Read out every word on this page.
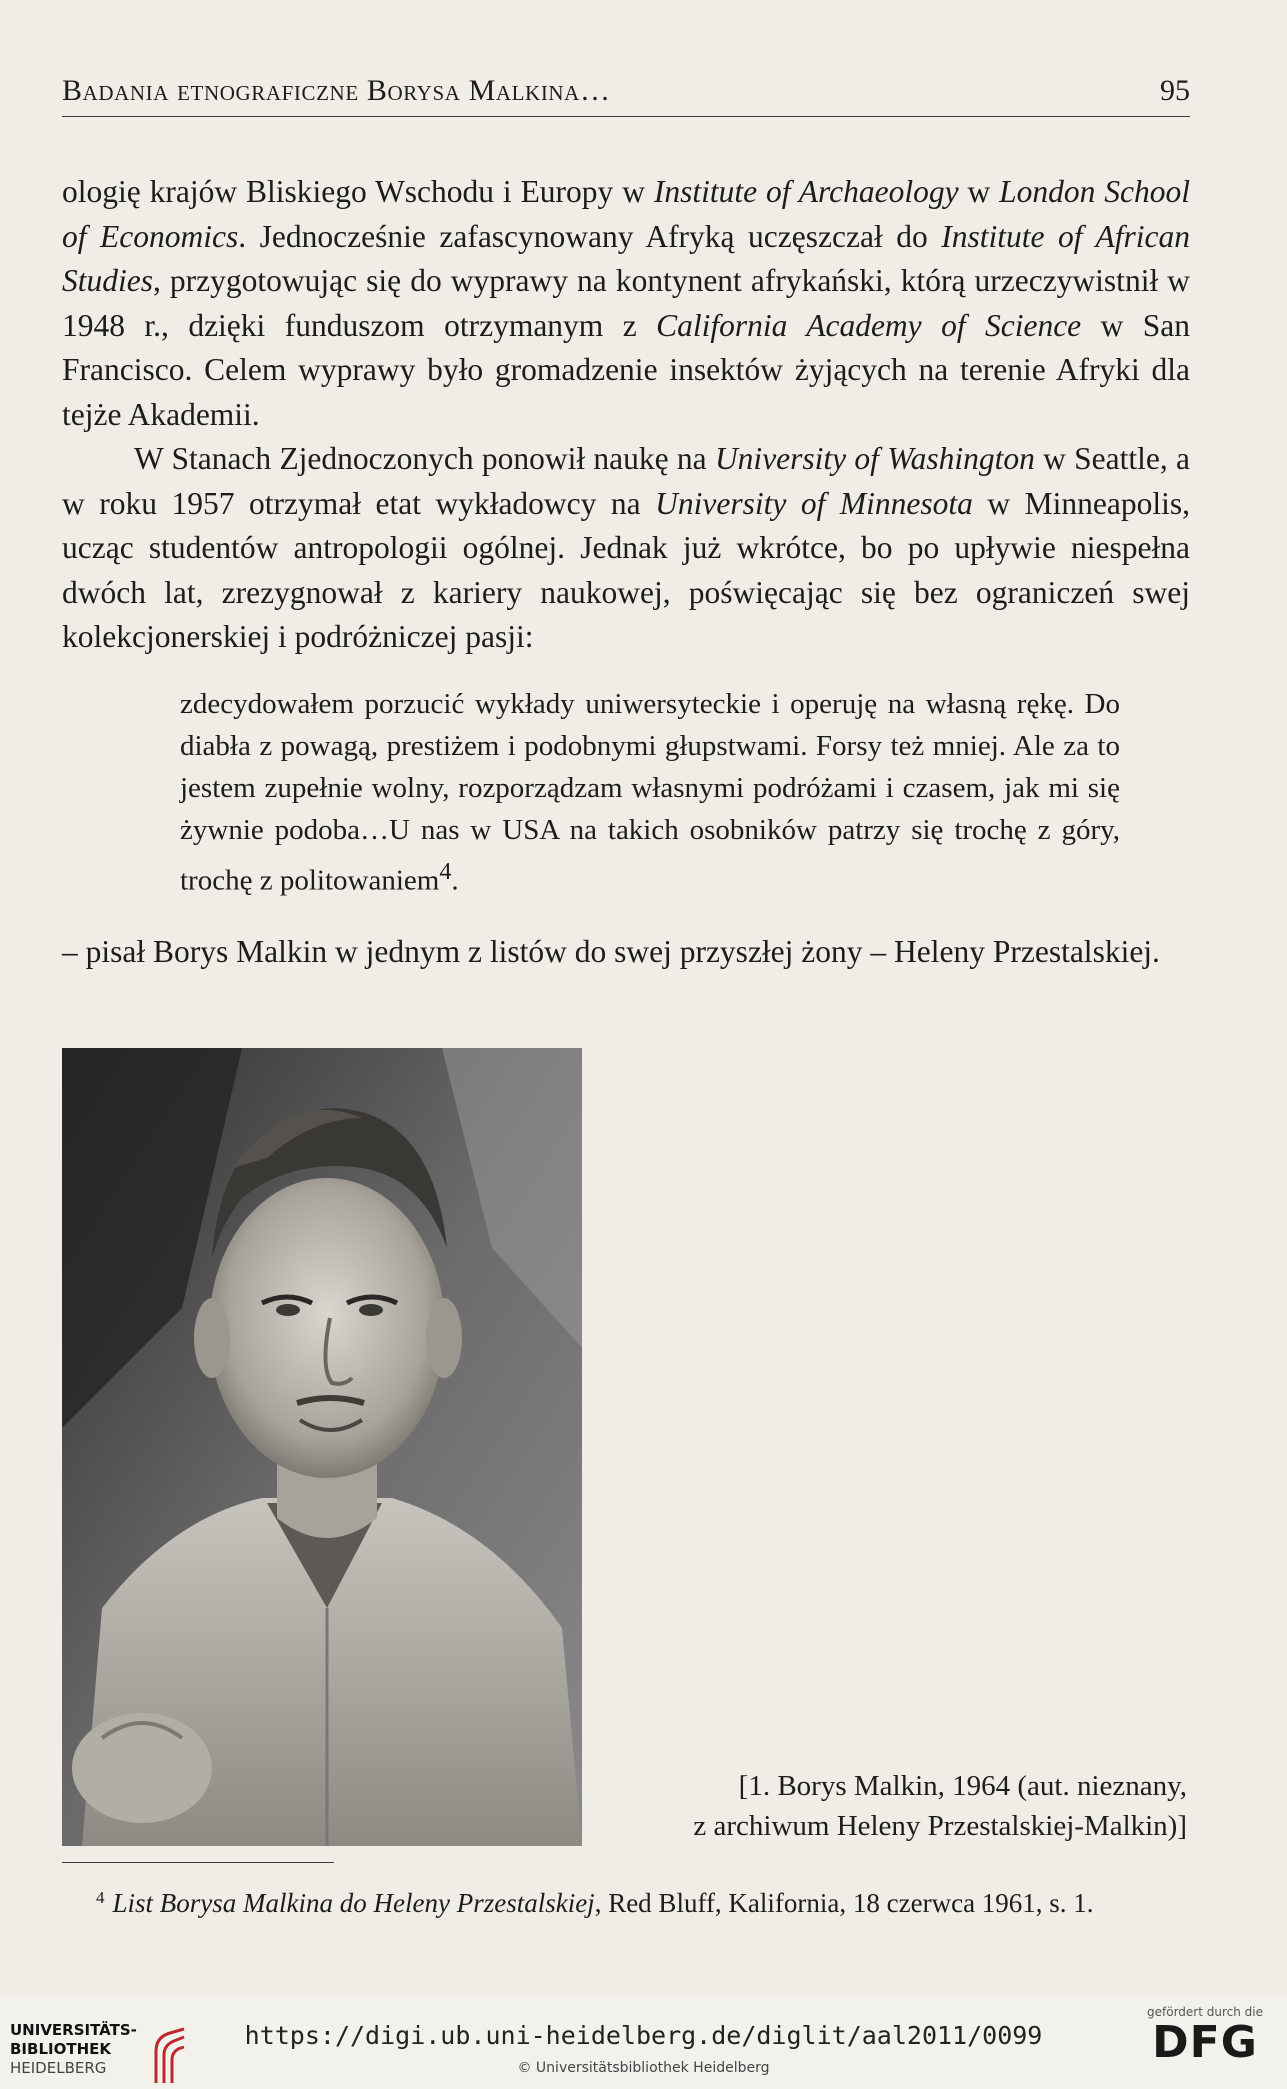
Badania etnograficzne Borysa Malkina…	95

ologię krajów Bliskiego Wschodu i Europy w Institute of Archaeology w London School of Economics. Jednocześnie zafascynowany Afryką uczęszczał do Institute of African Studies, przygotowując się do wyprawy na kontynent afrykański, którą urzeczywistnił w 1948 r., dzięki funduszom otrzymanym z California Academy of Science w San Francisco. Celem wyprawy było gromadzenie insektów żyjących na terenie Afryki dla tejże Akademii.

W Stanach Zjednoczonych ponowił naukę na University of Washington w Seattle, a w roku 1957 otrzymał etat wykładowcy na University of Minnesota w Minneapolis, ucząc studentów antropologii ogólnej. Jednak już wkrótce, bo po upływie niespełna dwóch lat, zrezygnował z kariery naukowej, poświęcając się bez ograniczeń swej kolekcjonerskiej i podróżniczej pasji:

zdecydowałem porzucić wykłady uniwersyteckie i operuję na własną rękę. Do diabła z powagą, prestiżem i podobnymi głupstwami. Forsy też mniej. Ale za to jestem zupełnie wolny, rozporządzam własnymi podróżami i czasem, jak mi się żywnie podoba…U nas w USA na takich osobników patrzy się trochę z góry, trochę z politowaniem$^4$.

– pisał Borys Malkin w jednym z listów do swej przyszłej żony – Heleny Przestalskiej.

[1. Borys Malkin, 1964 (aut. nieznany,
z archiwum Heleny Przestalskiej-Malkin)]
$^4$ List Borysa Malkina do Heleny Przestalskiej, Red Bluff, Kalifornia, 18 czerwca 1961, s. 1.
UNIVERSITÄTS-
BIBLIOTHEK
HEIDELBERG
https://digi.ub.uni-heidelberg.de/diglit/aal2011/0099
© Universitätsbibliothek Heidelberg
gefördert durch die
DFG
